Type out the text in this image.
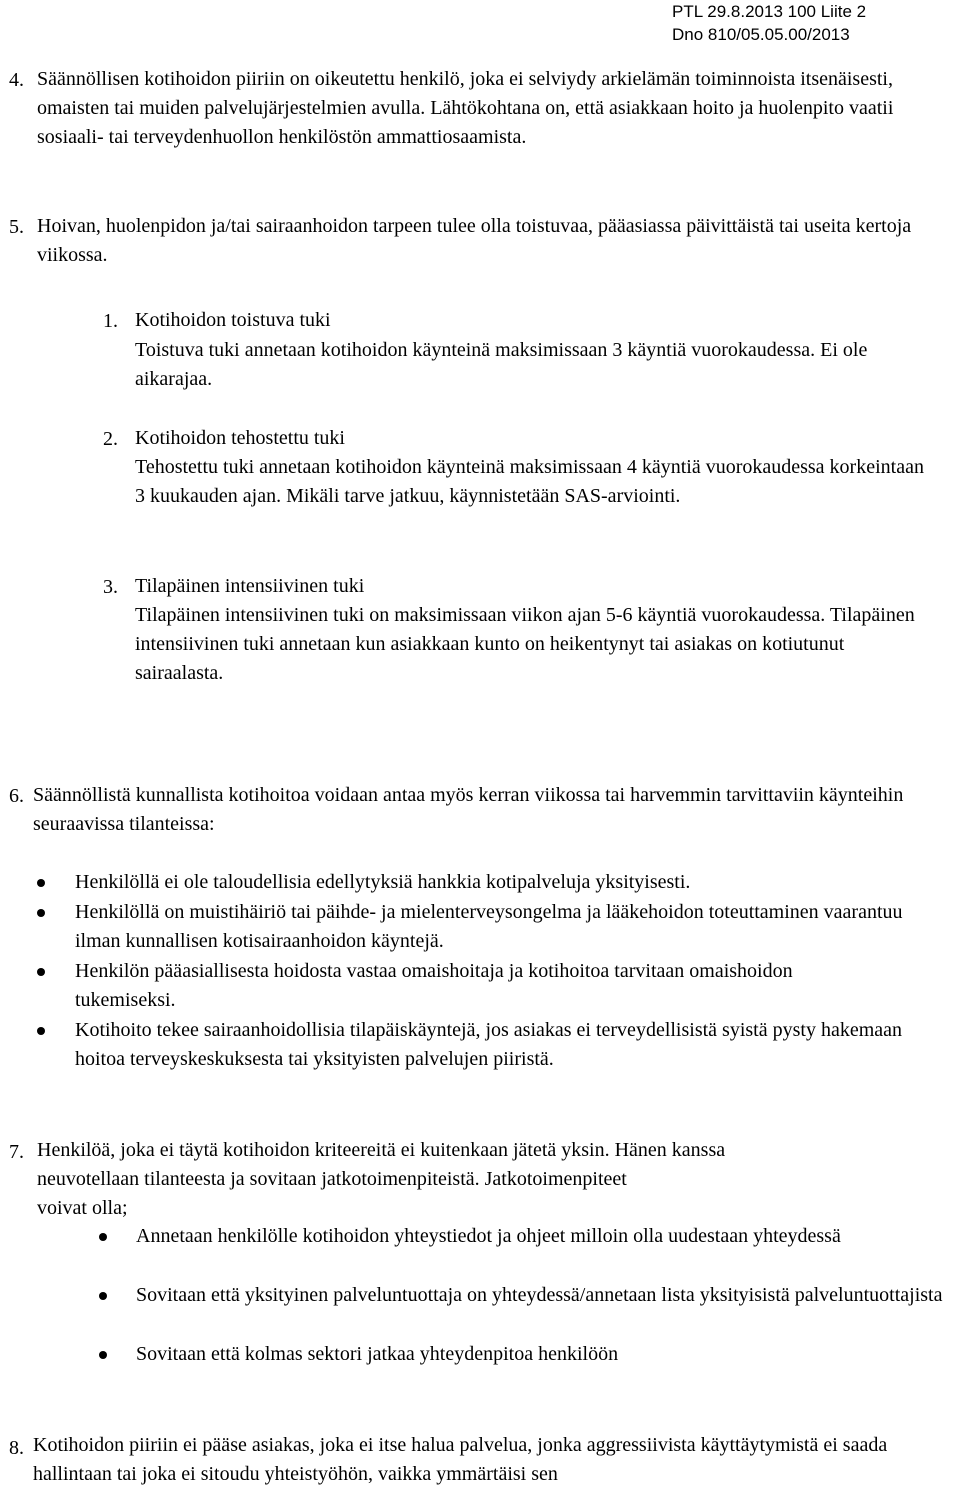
PTL 29.8.2013 100 Liite 2
Dno 810/05.05.00/2013
4. Säännöllisen kotihoidon piiriin on oikeutettu henkilö, joka ei selviydy arkielämän toiminnoista itsenäisesti, omaisten tai muiden palvelujärjestelmien avulla. Lähtökohtana on, että asiakkaan hoito ja huolenpito vaatii sosiaali- tai terveydenhuollon henkilöstön ammattiosaamista.
5. Hoivan, huolenpidon ja/tai sairaanhoidon tarpeen tulee olla toistuvaa, pääasiassa päivittäistä tai useita kertoja viikossa.
1. Kotihoidon toistuva tuki
Toistuva tuki annetaan kotihoidon käynteinä maksimissaan 3 käyntiä vuorokaudessa. Ei ole aikarajaa.
2. Kotihoidon tehostettu tuki
Tehostettu tuki annetaan kotihoidon käynteinä maksimissaan 4 käyntiä vuorokaudessa korkeintaan 3 kuukauden ajan. Mikäli tarve jatkuu, käynnistetään SAS-arviointi.
3. Tilapäinen intensiivinen tuki
Tilapäinen intensiivinen tuki on maksimissaan viikon ajan 5-6 käyntiä vuorokaudessa. Tilapäinen intensiivinen tuki annetaan kun asiakkaan kunto on heikentynyt tai asiakas on kotiutunut sairaalasta.
6. Säännöllistä kunnallista kotihoitoa voidaan antaa myös kerran viikossa tai harvemmin tarvittaviin käynteihin seuraavissa tilanteissa:
Henkilöllä ei ole taloudellisia edellytyksiä hankkia kotipalveluja yksityisesti.
Henkilöllä on muistihäiriö tai päihde- ja mielenterveysongelma ja lääkehoidon toteuttaminen vaarantuu ilman kunnallisen kotisairaanhoidon käyntejä.
Henkilön pääasiallisesta hoidosta vastaa omaishoitaja ja kotihoitoa tarvitaan omaishoidon tukemiseksi.
Kotihoito tekee sairaanhoidollisia tilapäiskäyntejä, jos asiakas ei terveydellisistä syistä pysty hakemaan hoitoa terveyskeskuksesta tai yksityisten palvelujen piiristä.
7. Henkilöä, joka ei täytä kotihoidon kriteereitä ei kuitenkaan jätetä yksin. Hänen kanssa
neuvotellaan tilanteesta ja sovitaan jatkotoimenpiteistä. Jatkotoimenpiteet
voivat olla;
Annetaan henkilölle kotihoidon yhteystiedot ja ohjeet milloin olla uudestaan yhteydessä
Sovitaan että yksityinen palveluntuottaja on yhteydessä/annetaan lista yksityisistä palveluntuottajista
Sovitaan että kolmas sektori jatkaa yhteydenpitoa henkilöön
8. Kotihoidon piiriin ei pääse asiakas, joka ei itse halua palvelua, jonka aggressiivista käyttäytymistä ei saada hallintaan tai joka ei sitoudu yhteistyöhön, vaikka ymmärtäisi sen
